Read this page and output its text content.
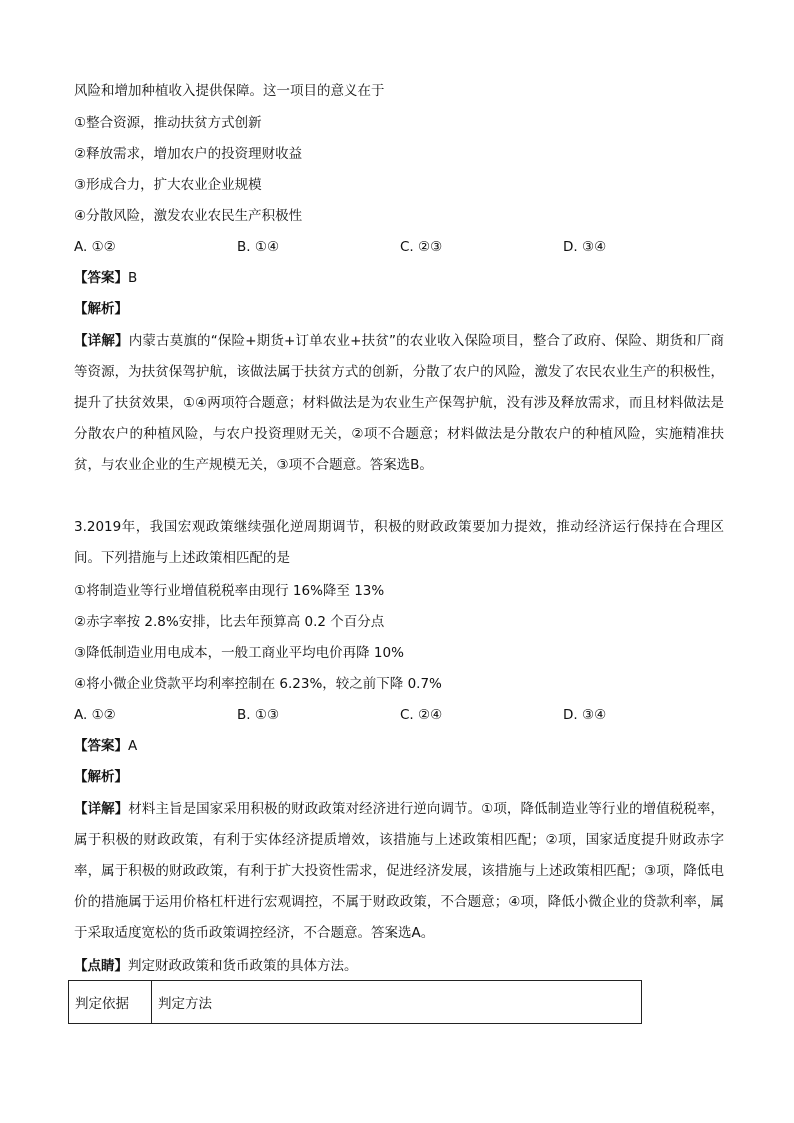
风险和增加种植收入提供保障。这一项目的意义在于
①整合资源，推动扶贫方式创新
②释放需求，增加农户的投资理财收益
③形成合力，扩大农业企业规模
④分散风险，激发农业农民生产积极性
A. ①②	B. ①④	C. ②③	D. ③④
【答案】B
【解析】
【详解】内蒙古莫旗的“保险+期货+订单农业+扶贫”的农业收入保险项目，整合了政府、保险、期货和厂商等资源，为扶贫保驾护航，该做法属于扶贫方式的创新，分散了农户的风险，激发了农民农业生产的积极性，提升了扶贫效果，①④两项符合题意；材料做法是为农业生产保驾护航，没有涉及释放需求，而且材料做法是分散农户的种植风险，与农户投资理财无关，②项不合题意；材料做法是分散农户的种植风险，实施精准扶贫，与农业企业的生产规模无关，③项不合题意。答案选B。
3.2019年，我国宏观政策继续强化逆周期调节，积极的财政政策要加力提效，推动经济运行保持在合理区间。下列措施与上述政策相匹配的是
①将制造业等行业增值税税率由现行 16%降至 13%
②赤字率按 2.8%安排，比去年预算高 0.2 个百分点
③降低制造业用电成本，一般工商业平均电价再降 10%
④将小微企业贷款平均利率控制在 6.23%，较之前下降 0.7%
A. ①②	B. ①③	C. ②④	D. ③④
【答案】A
【解析】
【详解】材料主旨是国家采用积极的财政政策对经济进行逆向调节。①项，降低制造业等行业的增值税税率，属于积极的财政政策，有利于实体经济提质增效，该措施与上述政策相匹配；②项，国家适度提升财政赤字率，属于积极的财政政策，有利于扩大投资性需求，促进经济发展，该措施与上述政策相匹配；③项，降低电价的措施属于运用价格杠杆进行宏观调控，不属于财政政策，不合题意；④项，降低小微企业的贷款利率，属于采取适度宽松的货币政策调控经济，不合题意。答案选A。
【点睛】判定财政政策和货币政策的具体方法。
判定依据	判定方法
